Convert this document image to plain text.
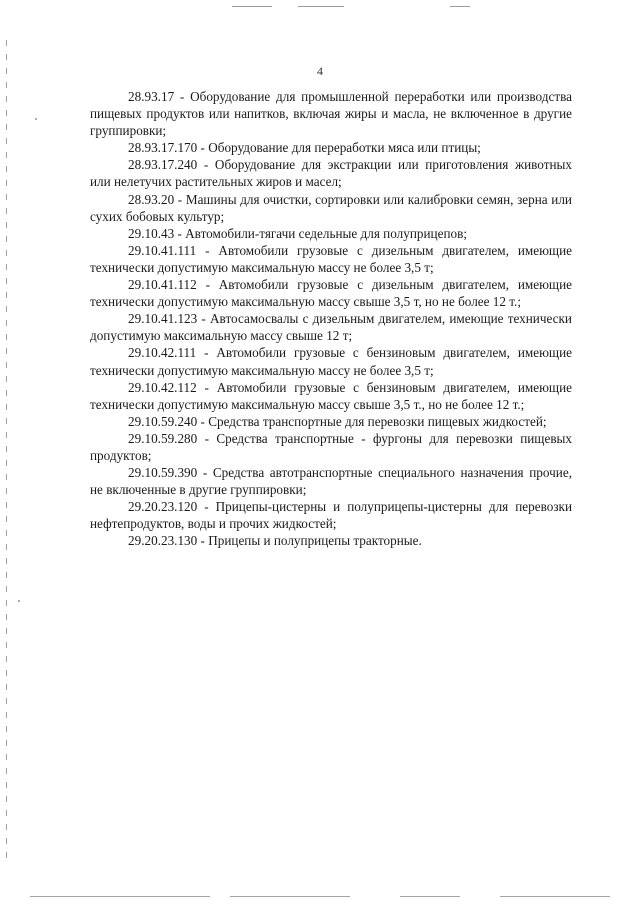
4

28.93.17 - Оборудование для промышленной переработки или производства пищевых продуктов или напитков, включая жиры и масла, не включенное в другие группировки;

28.93.17.170 - Оборудование для переработки мяса или птицы;

28.93.17.240 - Оборудование для экстракции или приготовления животных или нелетучих растительных жиров и масел;

28.93.20 - Машины для очистки, сортировки или калибровки семян, зерна или сухих бобовых культур;

29.10.43 - Автомобили-тягачи седельные для полуприцепов;

29.10.41.111 - Автомобили грузовые с дизельным двигателем, имеющие технически допустимую максимальную массу не более 3,5 т;

29.10.41.112 - Автомобили грузовые с дизельным двигателем, имеющие технически допустимую максимальную массу свыше 3,5 т, но не более 12 т.;

29.10.41.123 - Автосамосвалы с дизельным двигателем, имеющие технически допустимую максимальную массу свыше 12 т;

29.10.42.111 - Автомобили грузовые с бензиновым двигателем, имеющие технически допустимую максимальную массу не более 3,5 т;

29.10.42.112 - Автомобили грузовые с бензиновым двигателем, имеющие технически допустимую максимальную массу свыше 3,5 т., но не более 12 т.;

29.10.59.240 - Средства транспортные для перевозки пищевых жидкостей;

29.10.59.280 - Средства транспортные - фургоны для перевозки пищевых продуктов;

29.10.59.390 - Средства автотранспортные специального назначения прочие, не включенные в другие группировки;

29.20.23.120 - Прицепы-цистерны и полуприцепы-цистерны для перевозки нефтепродуктов, воды и прочих жидкостей;

29.20.23.130 - Прицепы и полуприцепы тракторные.
